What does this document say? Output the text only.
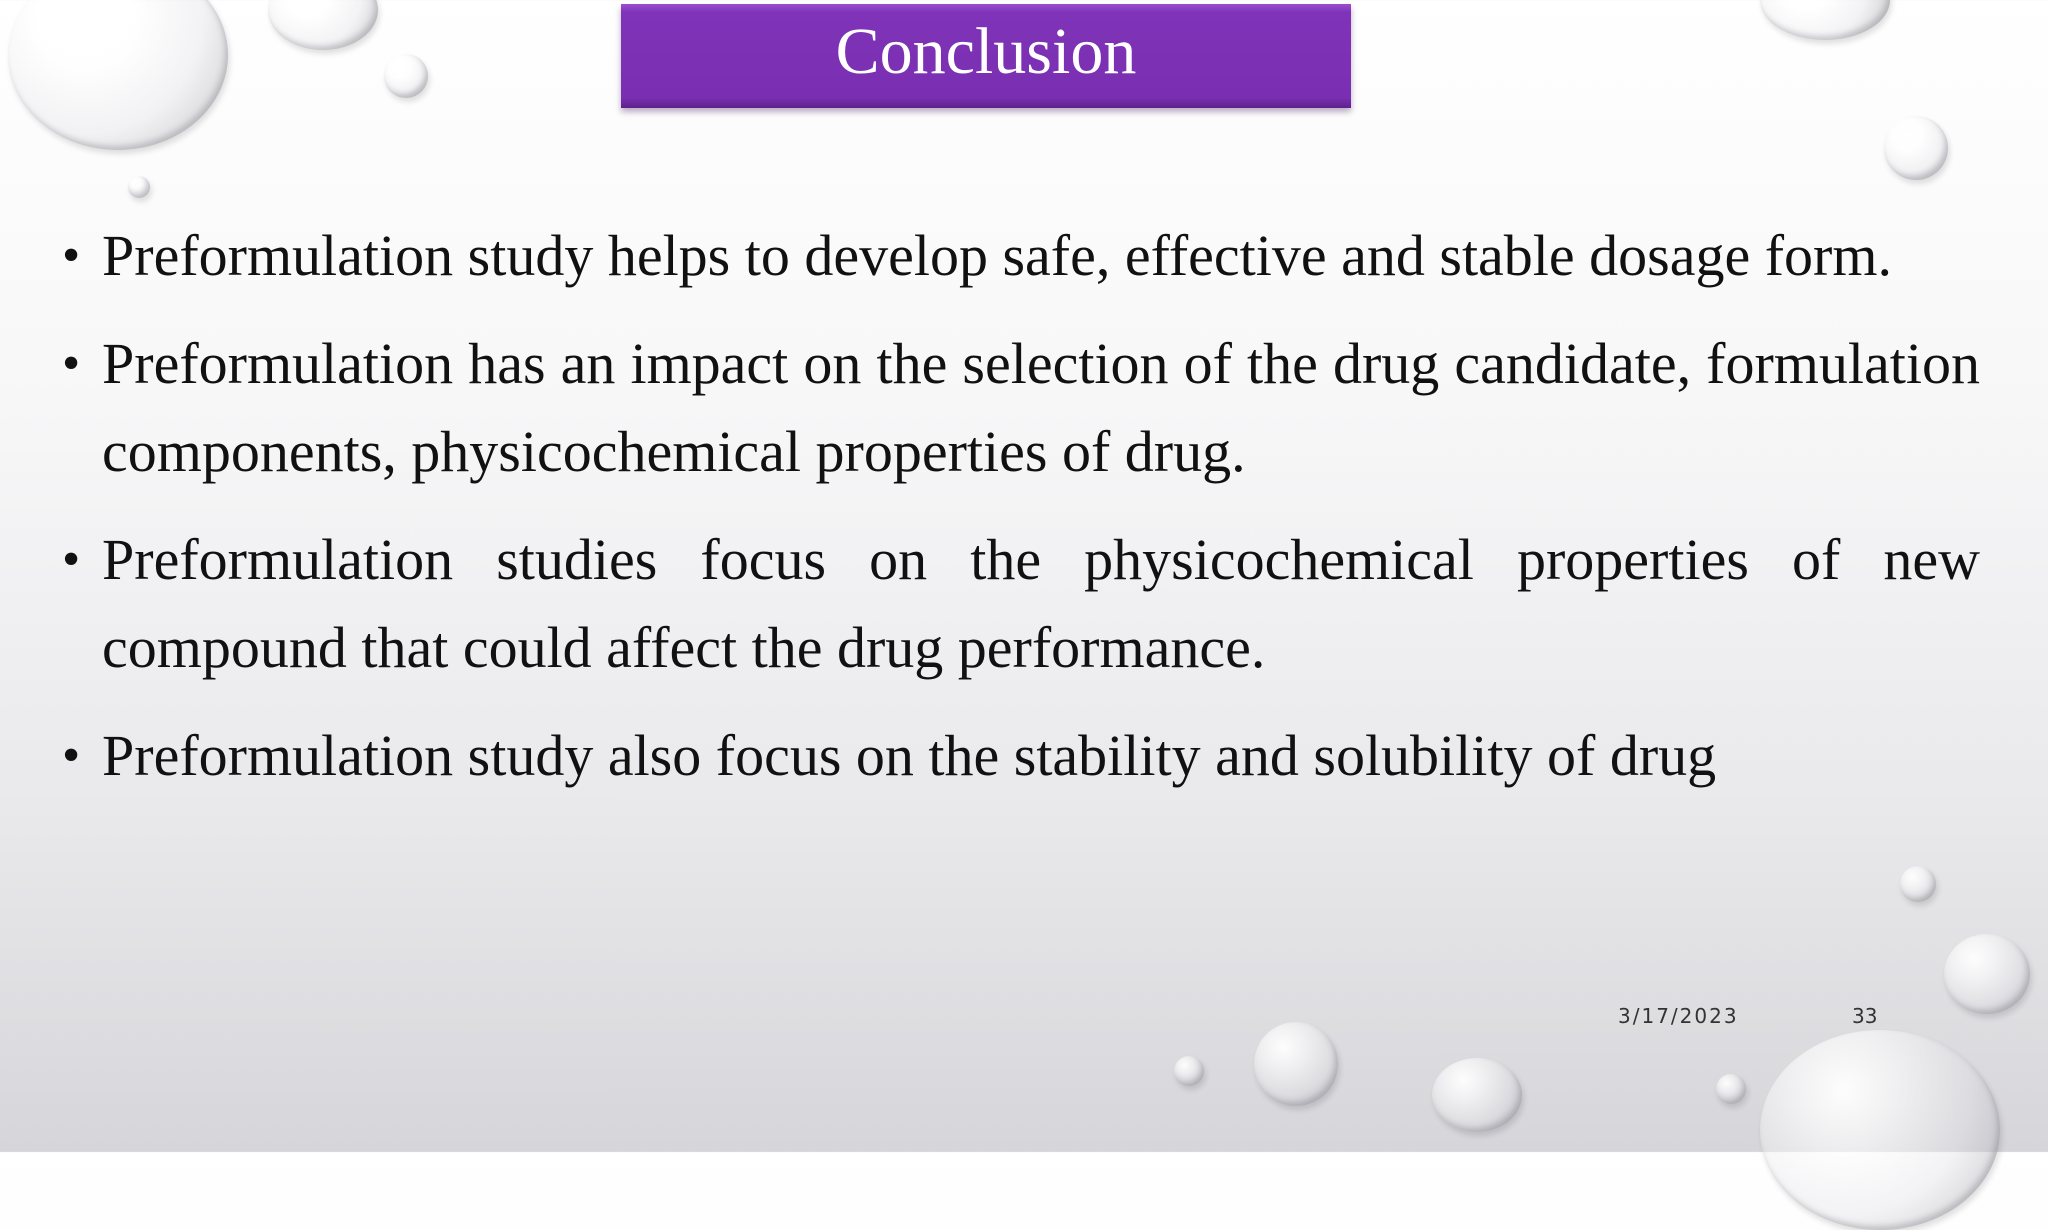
Conclusion
• Preformulation study helps to develop safe, effective and stable dosage form.
• Preformulation has an impact on the selection of the drug candidate, formulation components, physicochemical properties of drug.
• Preformulation studies focus on the physicochemical properties of new compound that could affect the drug performance.
• Preformulation study also focus on the stability and solubility of drug
3/17/2023	33
